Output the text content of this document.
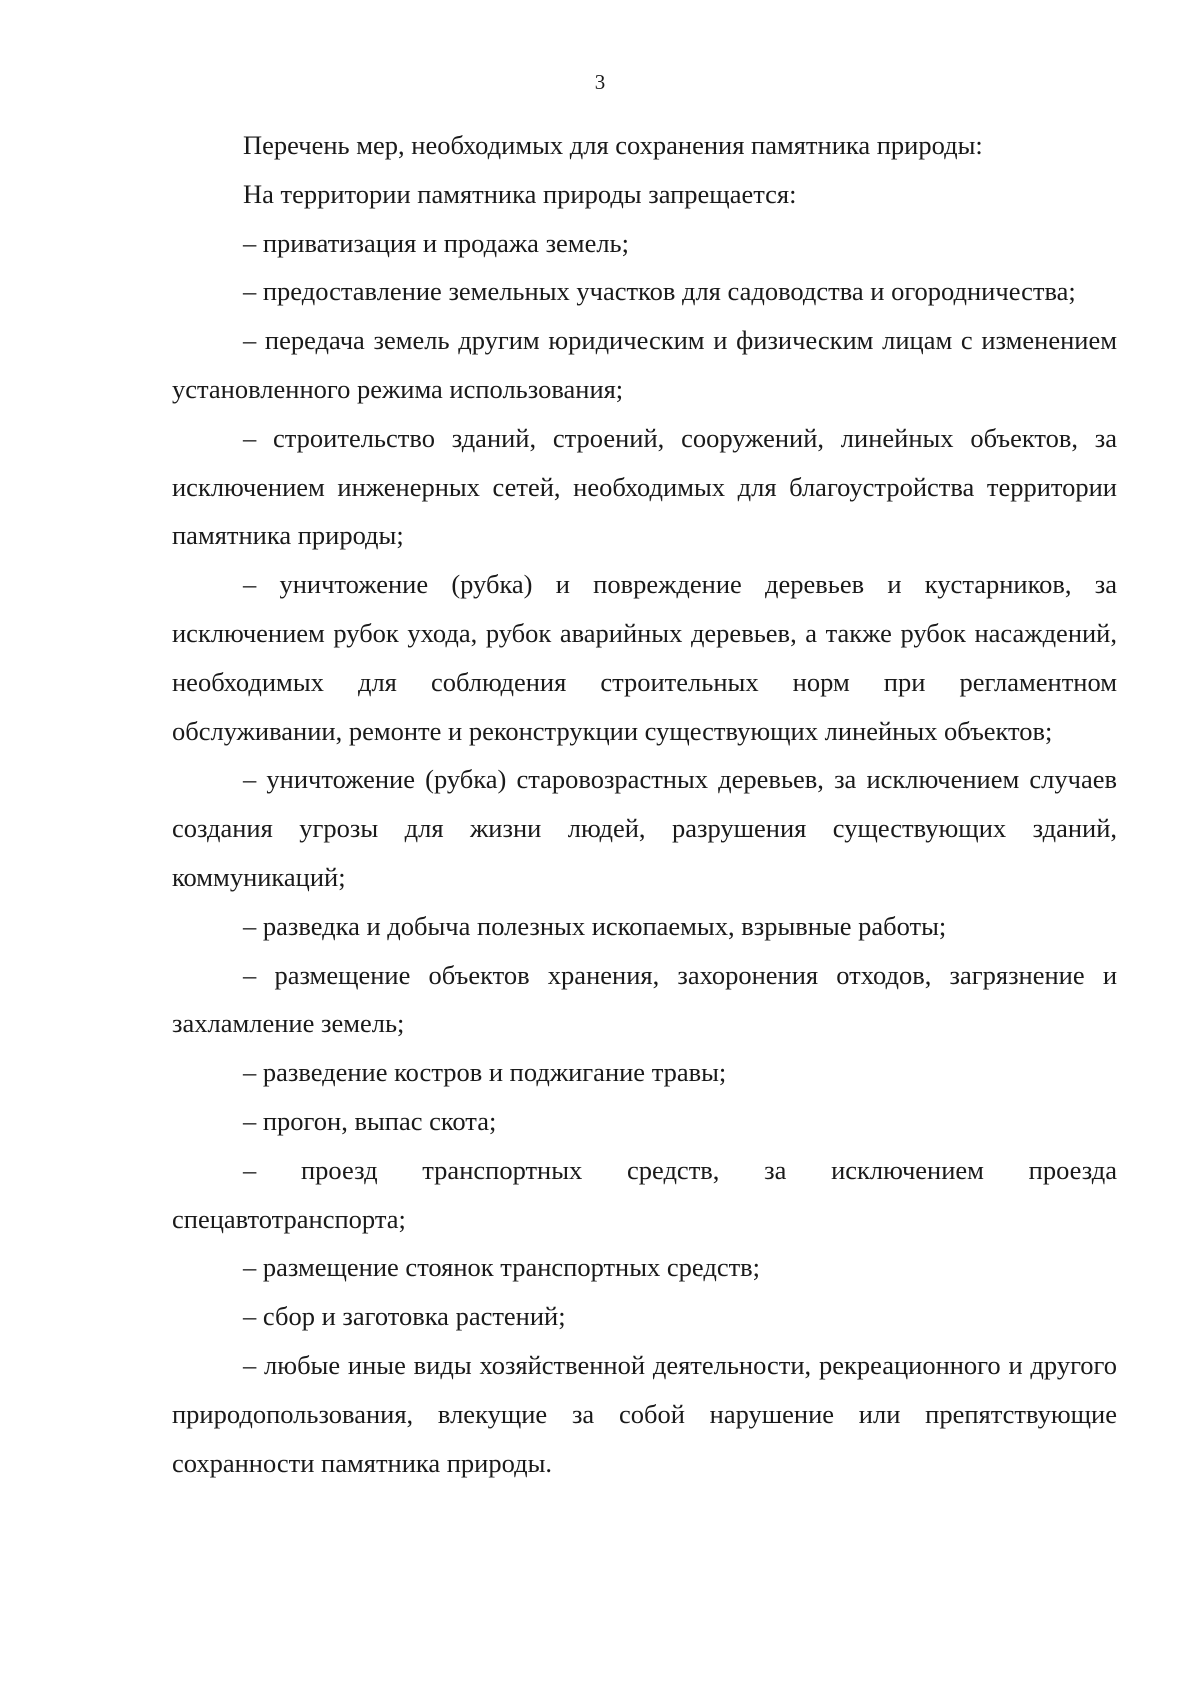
3

Перечень мер, необходимых для сохранения памятника природы:

На территории памятника природы запрещается:

– приватизация и продажа земель;

– предоставление земельных участков для садоводства и огородничества;

– передача земель другим юридическим и физическим лицам с изменением установленного режима использования;

– строительство зданий, строений, сооружений, линейных объектов, за исключением инженерных сетей, необходимых для благоустройства территории памятника природы;

– уничтожение (рубка) и повреждение деревьев и кустарников, за исключением рубок ухода, рубок аварийных деревьев, а также рубок насаждений, необходимых для соблюдения строительных норм при регламентном обслуживании, ремонте и реконструкции существующих линейных объектов;

– уничтожение (рубка) старовозрастных деревьев, за исключением случаев создания угрозы для жизни людей, разрушения существующих зданий, коммуникаций;

– разведка и добыча полезных ископаемых, взрывные работы;

– размещение объектов хранения, захоронения отходов, загрязнение и захламление земель;

– разведение костров и поджигание травы;

– прогон, выпас скота;

– проезд транспортных средств, за исключением проезда спецавтотранспорта;

– размещение стоянок транспортных средств;

– сбор и заготовка растений;

– любые иные виды хозяйственной деятельности, рекреационного и другого природопользования, влекущие за собой нарушение или препятствующие сохранности памятника природы.
